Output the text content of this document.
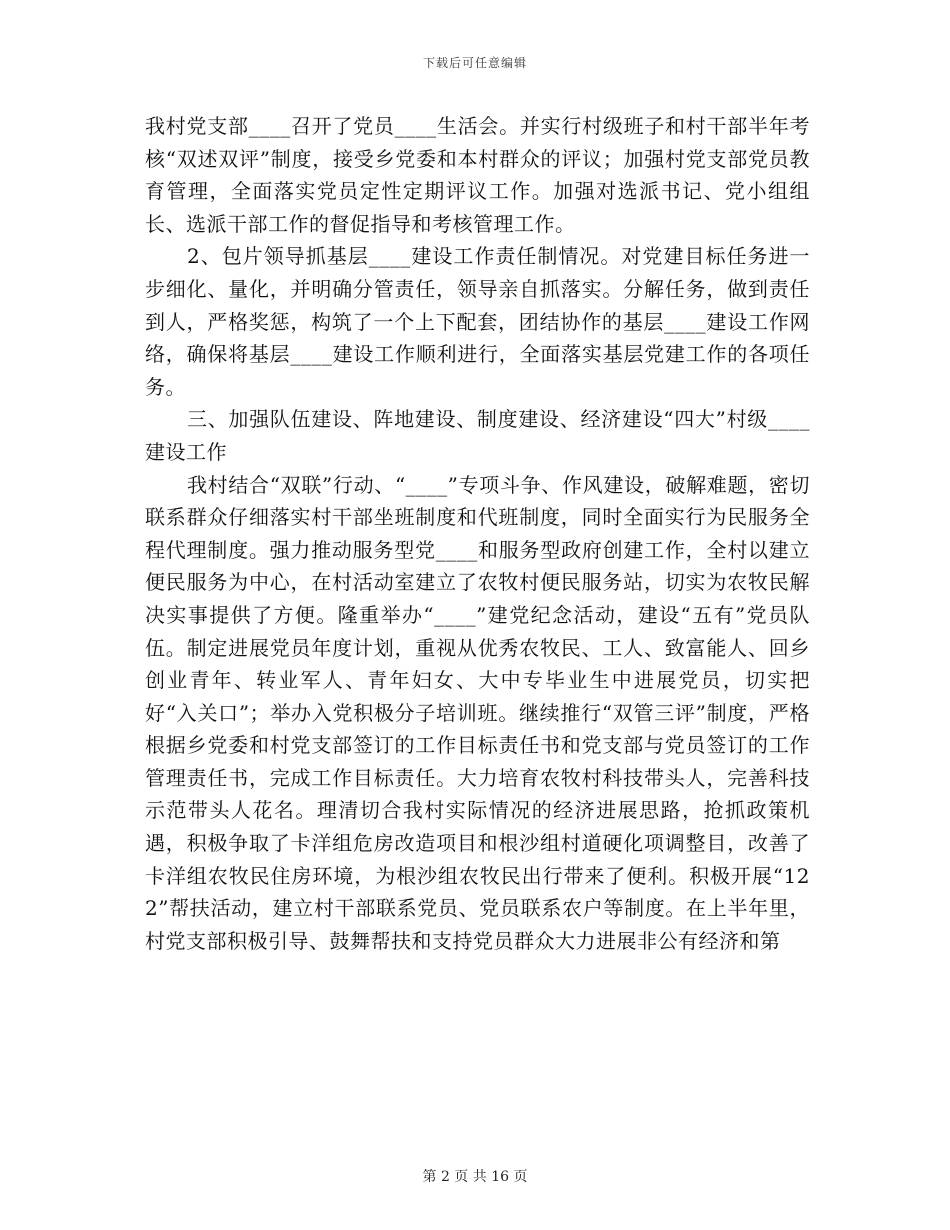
下载后可任意编辑

我村党支部____召开了党员____生活会。并实行村级班子和村干部半年考核“双述双评”制度，接受乡党委和本村群众的评议；加强村党支部党员教育管理，全面落实党员定性定期评议工作。加强对选派书记、党小组组长、选派干部工作的督促指导和考核管理工作。

2、包片领导抓基层____建设工作责任制情况。对党建目标任务进一步细化、量化，并明确分管责任，领导亲自抓落实。分解任务，做到责任到人，严格奖惩，构筑了一个上下配套，团结协作的基层____建设工作网络，确保将基层____建设工作顺利进行，全面落实基层党建工作的各项任务。

三、加强队伍建设、阵地建设、制度建设、经济建设“四大”村级____建设工作

我村结合“双联”行动、“____”专项斗争、作风建设，破解难题，密切联系群众仔细落实村干部坐班制度和代班制度，同时全面实行为民服务全程代理制度。强力推动服务型党____和服务型政府创建工作，全村以建立便民服务为中心，在村活动室建立了农牧村便民服务站，切实为农牧民解决实事提供了方便。隆重举办“____”建党纪念活动，建设“五有”党员队伍。制定进展党员年度计划，重视从优秀农牧民、工人、致富能人、回乡创业青年、转业军人、青年妇女、大中专毕业生中进展党员，切实把好“入关口”；举办入党积极分子培训班。继续推行“双管三评”制度，严格根据乡党委和村党支部签订的工作目标责任书和党支部与党员签订的工作管理责任书，完成工作目标责任。大力培育农牧村科技带头人，完善科技示范带头人花名。理清切合我村实际情况的经济进展思路，抢抓政策机遇，积极争取了卡洋组危房改造项目和根沙组村道硬化项调整目，改善了卡洋组农牧民住房环境，为根沙组农牧民出行带来了便利。积极开展“122”帮扶活动，建立村干部联系党员、党员联系农户等制度。在上半年里，村党支部积极引导、鼓舞帮扶和支持党员群众大力进展非公有经济和第

第 2 页 共 16 页
